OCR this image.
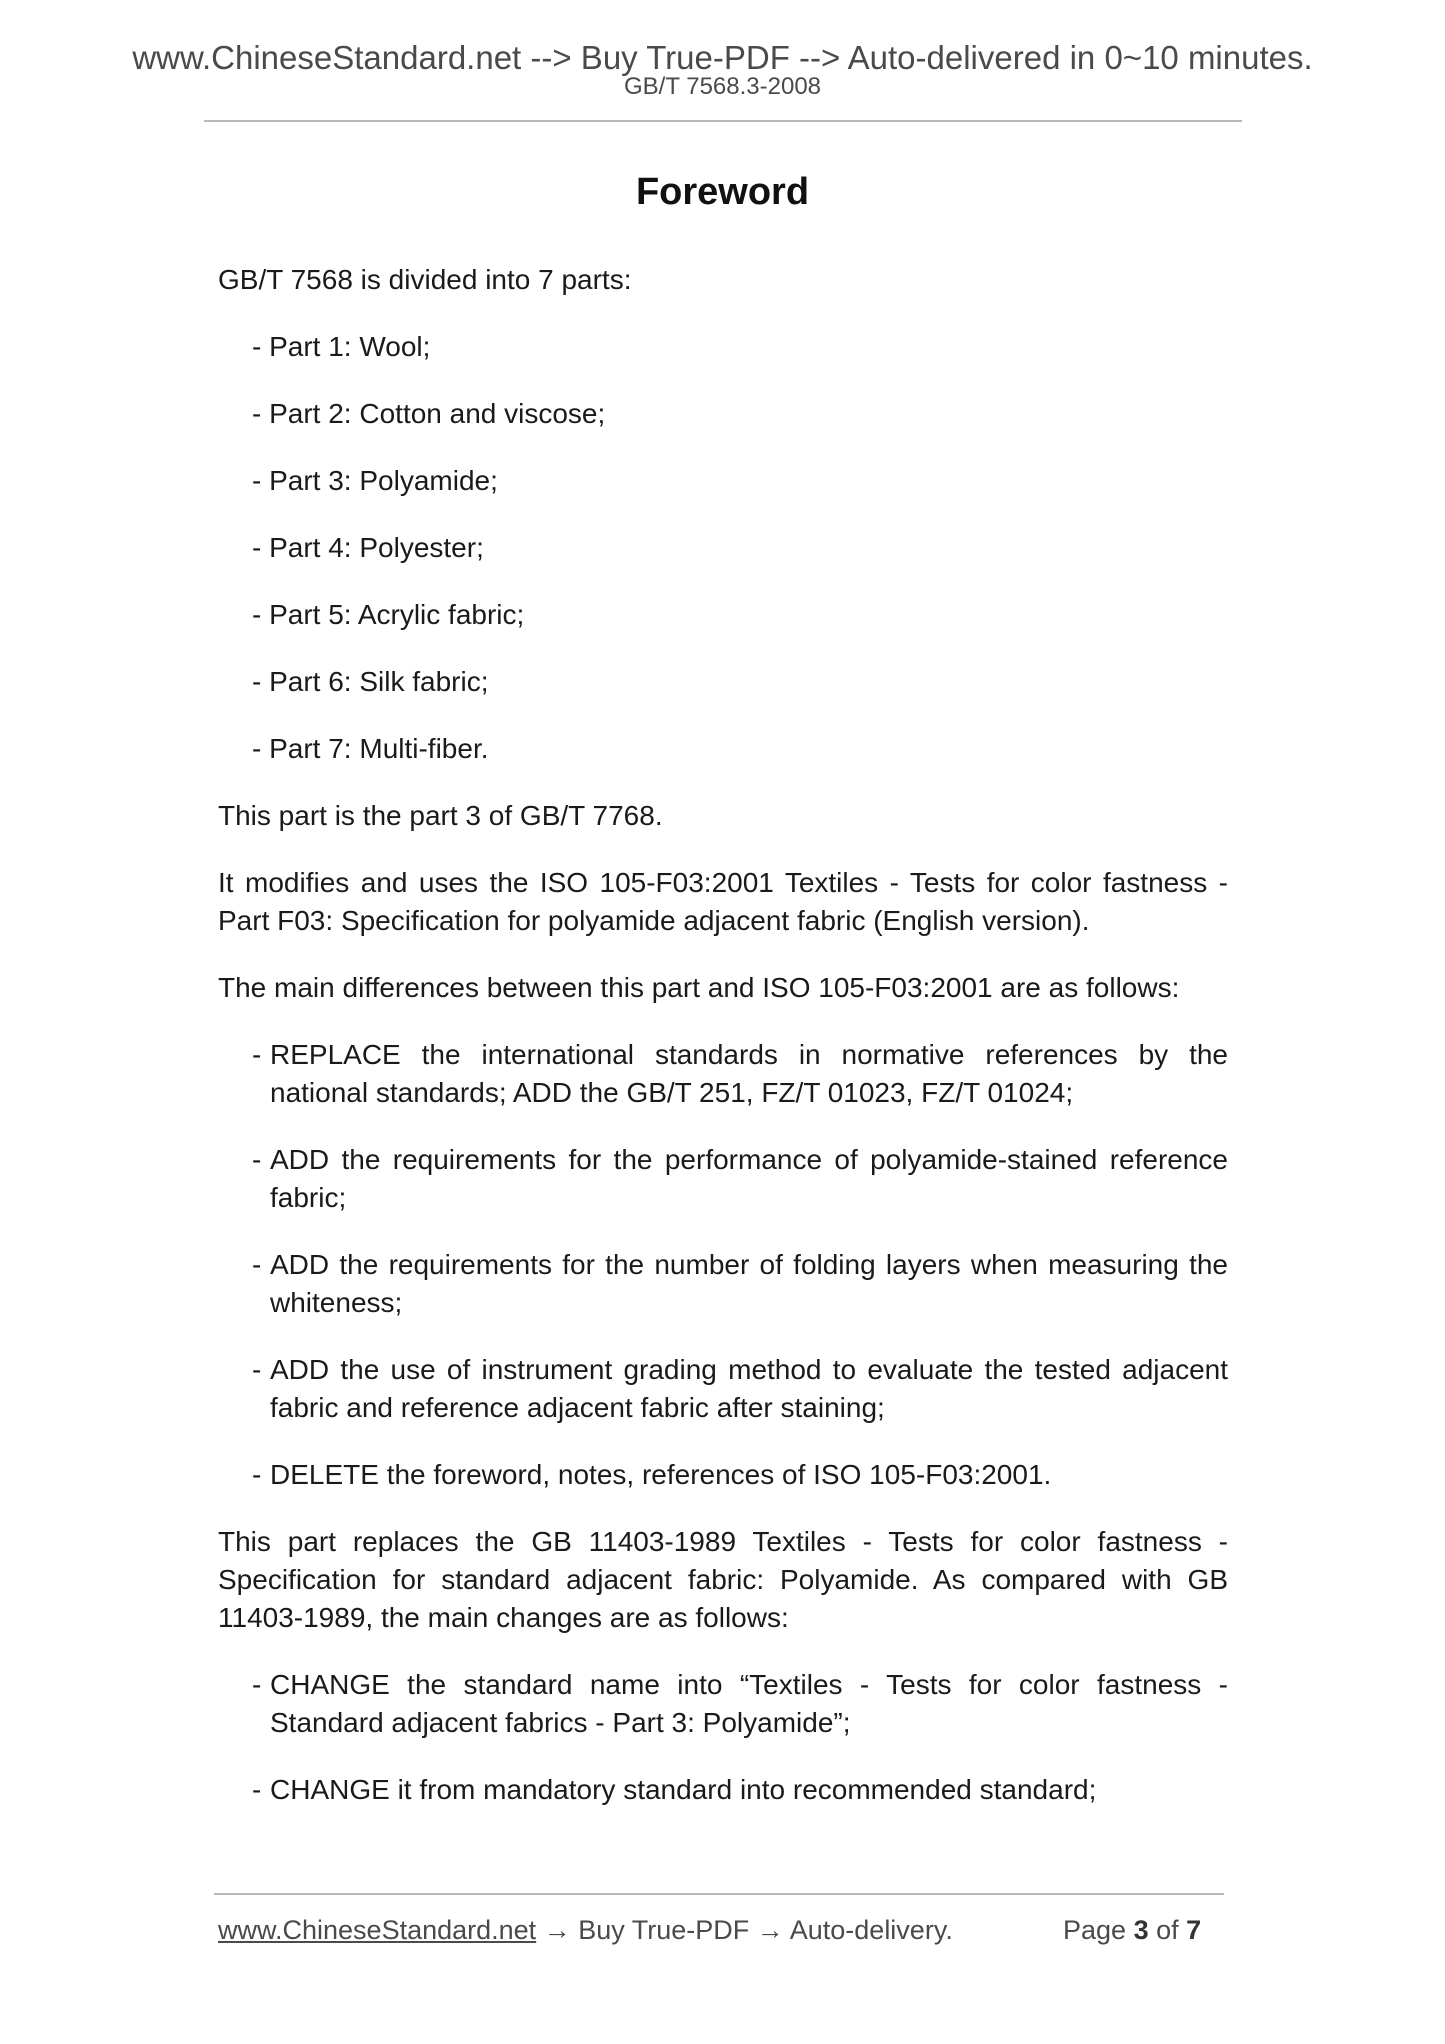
www.ChineseStandard.net --> Buy True-PDF --> Auto-delivered in 0~10 minutes.
GB/T 7568.3-2008
Foreword

GB/T 7568 is divided into 7 parts:

- Part 1: Wool;

- Part 2: Cotton and viscose;

- Part 3: Polyamide;

- Part 4: Polyester;

- Part 5: Acrylic fabric;

- Part 6: Silk fabric;

- Part 7: Multi-fiber.

This part is the part 3 of GB/T 7768.

It modifies and uses the ISO 105-F03:2001 Textiles - Tests for color fastness - Part F03: Specification for polyamide adjacent fabric (English version).

The main differences between this part and ISO 105-F03:2001 are as follows:

- REPLACE the international standards in normative references by the national standards; ADD the GB/T 251, FZ/T 01023, FZ/T 01024;
- ADD the requirements for the performance of polyamide-stained reference fabric;
- ADD the requirements for the number of folding layers when measuring the whiteness;
- ADD the use of instrument grading method to evaluate the tested adjacent fabric and reference adjacent fabric after staining;
- DELETE the foreword, notes, references of ISO 105-F03:2001.

This part replaces the GB 11403-1989 Textiles - Tests for color fastness - Specification for standard adjacent fabric: Polyamide. As compared with GB 11403-1989, the main changes are as follows:

- CHANGE the standard name into “Textiles - Tests for color fastness - Standard adjacent fabrics - Part 3: Polyamide”;
- CHANGE it from mandatory standard into recommended standard;
www.ChineseStandard.net → Buy True-PDF → Auto-delivery.	Page 3 of 7
